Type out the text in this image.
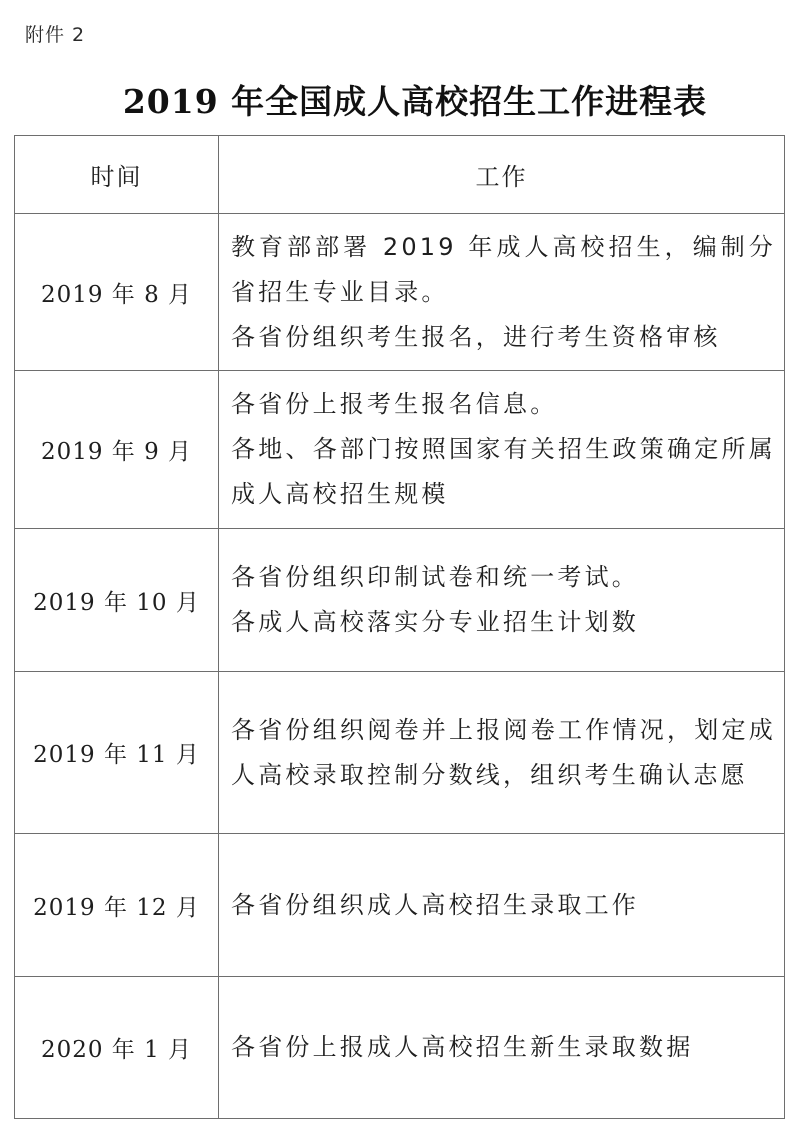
附件 2
2019 年全国成人高校招生工作进程表
时间	工作
2019 年 8 月	教育部部署 2019 年成人高校招生，编制分省招生专业目录。
各省份组织考生报名，进行考生资格审核

2019 年 9 月	各省份上报考生报名信息。
各地、各部门按照国家有关招生政策确定所属成人高校招生规模

2019 年 10 月	各省份组织印制试卷和统一考试。
各成人高校落实分专业招生计划数

2019 年 11 月	各省份组织阅卷并上报阅卷工作情况，划定成人高校录取控制分数线，组织考生确认志愿

2019 年 12 月	各省份组织成人高校招生录取工作

2020 年 1 月	各省份上报成人高校招生新生录取数据
